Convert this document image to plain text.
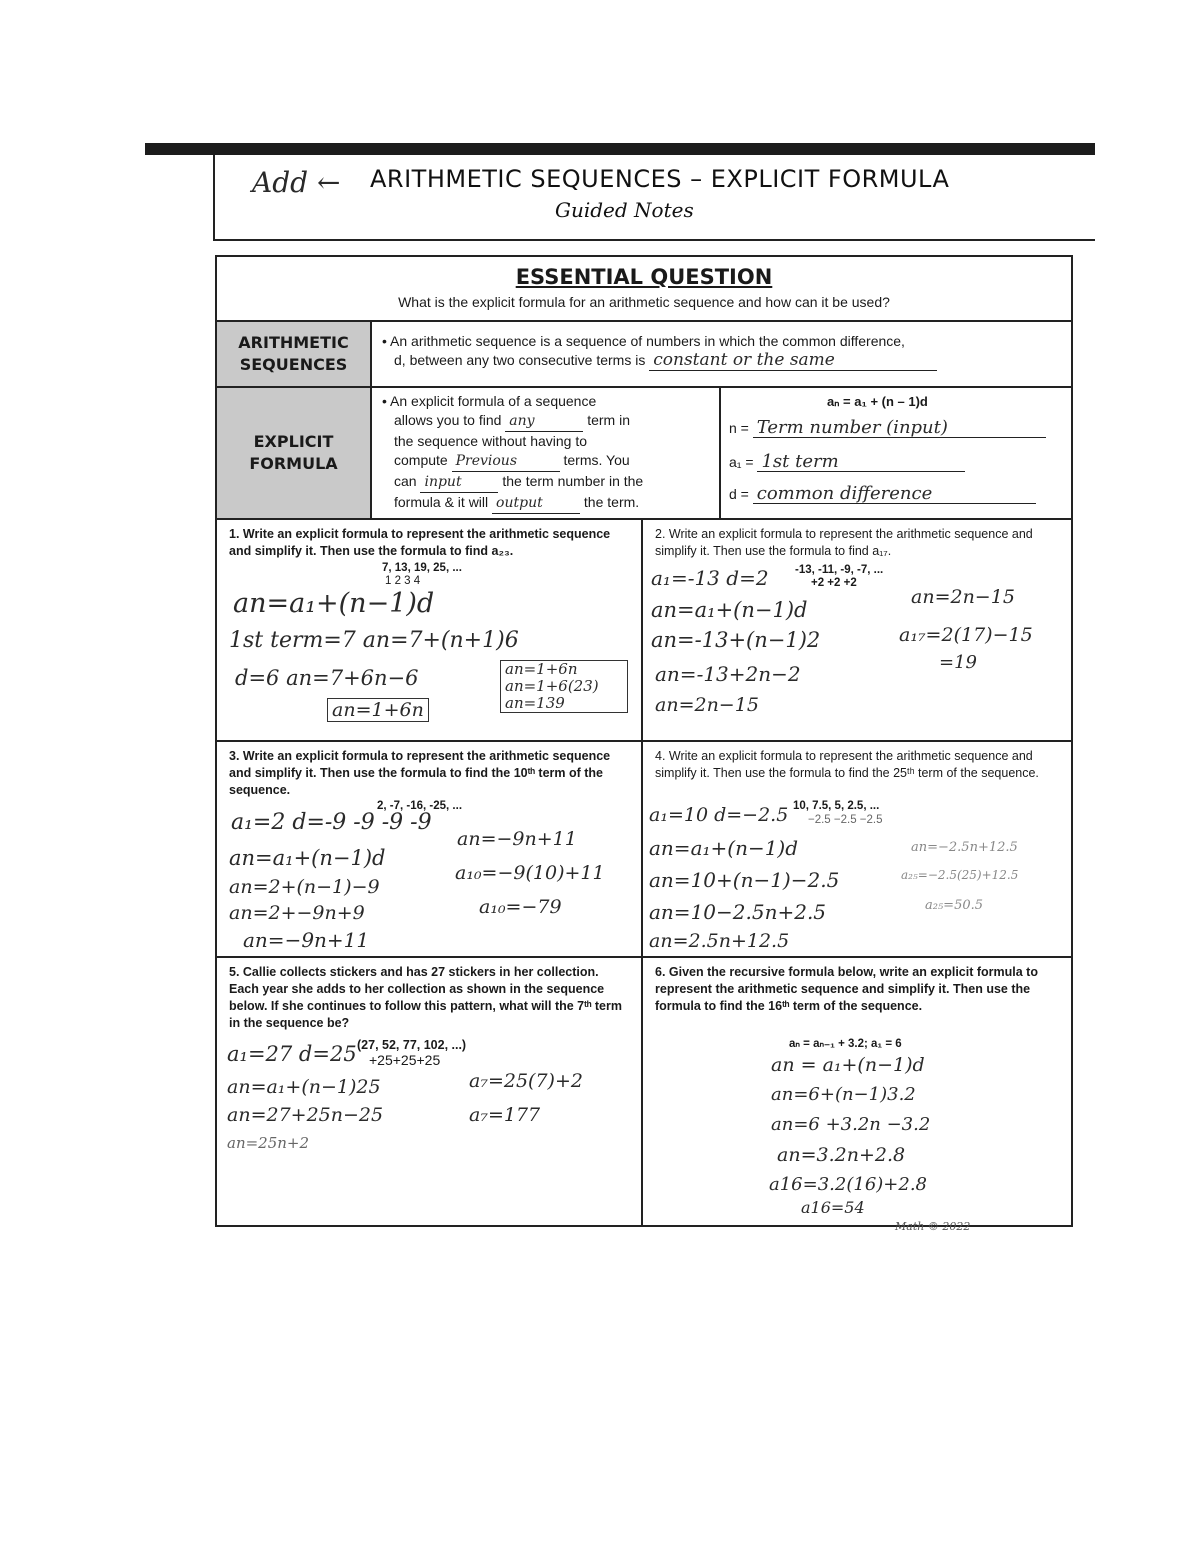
Add ← ARITHMETIC SEQUENCES – EXPLICIT FORMULA
Guided Notes
ESSENTIAL QUESTION
What is the explicit formula for an arithmetic sequence and how can it be used?
ARITHMETIC
SEQUENCES
• An arithmetic sequence is a sequence of numbers in which the common difference,
d, between any two consecutive terms is constant or the same
EXPLICIT
FORMULA
• An explicit formula of a sequence
allows you to find any	term in
the sequence without having to
compute Previous	terms. You
can input	the term number in the
formula & it will output	the term.
aₙ = a₁ + (n – 1)d
n = Term number (input)
a₁ = 1st term
d = common difference
1. Write an explicit formula to represent the arithmetic sequence and simplify it. Then use the formula to find a₂₃.
7, 13, 19, 25, ...
1 2 3 4
an=a₁+(n−1)d
1st term=7 an=7+(n+1)6
d=6 an=7+6n−6
an=1+6n
an=1+6n
an=1+6(23)
an=139
2. Write an explicit formula to represent the arithmetic sequence and simplify it. Then use the formula to find a₁₇.
-13, -11, -9, -7, ...
+2 +2 +2
a₁=-13 d=2
an=a₁+(n−1)d
an=-13+(n−1)2
an=-13+2n−2
an=2n−15
an=2n−15
a₁₇=2(17)−15
=19
3. Write an explicit formula to represent the arithmetic sequence and simplify it. Then use the formula to find the 10ᵗʰ term of the sequence.
2, -7, -16, -25, ...
a₁=2 d=-9 -9 -9 -9
an=a₁+(n−1)d
an=2+(n−1)−9
an=2+−9n+9
an=−9n+11
an=−9n+11
a₁₀=−9(10)+11
a₁₀=−79
4. Write an explicit formula to represent the arithmetic sequence and simplify it. Then use the formula to find the 25ᵗʰ term of the sequence.
10, 7.5, 5, 2.5, ...
−2.5 −2.5 −2.5
a₁=10 d=−2.5
an=a₁+(n−1)d
an=10+(n−1)−2.5
an=10−2.5n+2.5
an=2.5n+12.5
an=−2.5n+12.5
a₂₅=−2.5(25)+12.5
a₂₅=50.5
5. Callie collects stickers and has 27 stickers in her collection. Each year she adds to her collection as shown in the sequence below. If she continues to follow this pattern, what will the 7ᵗʰ term in the sequence be?
(27, 52, 77, 102, ...)
+25+25+25
a₁=27 d=25
an=a₁+(n−1)25
an=27+25n−25
an=25n+2
a₇=25(7)+2
a₇=177
6. Given the recursive formula below, write an explicit formula to represent the arithmetic sequence and simplify it. Then use the formula to find the 16ᵗʰ term of the sequence.
aₙ = aₙ₋₁ + 3.2; a₁ = 6
an = a₁+(n−1)d
an=6+(n−1)3.2
an=6 +3.2n −3.2
an=3.2n+2.8
a16=3.2(16)+2.8
a16=54
Math © 2022
